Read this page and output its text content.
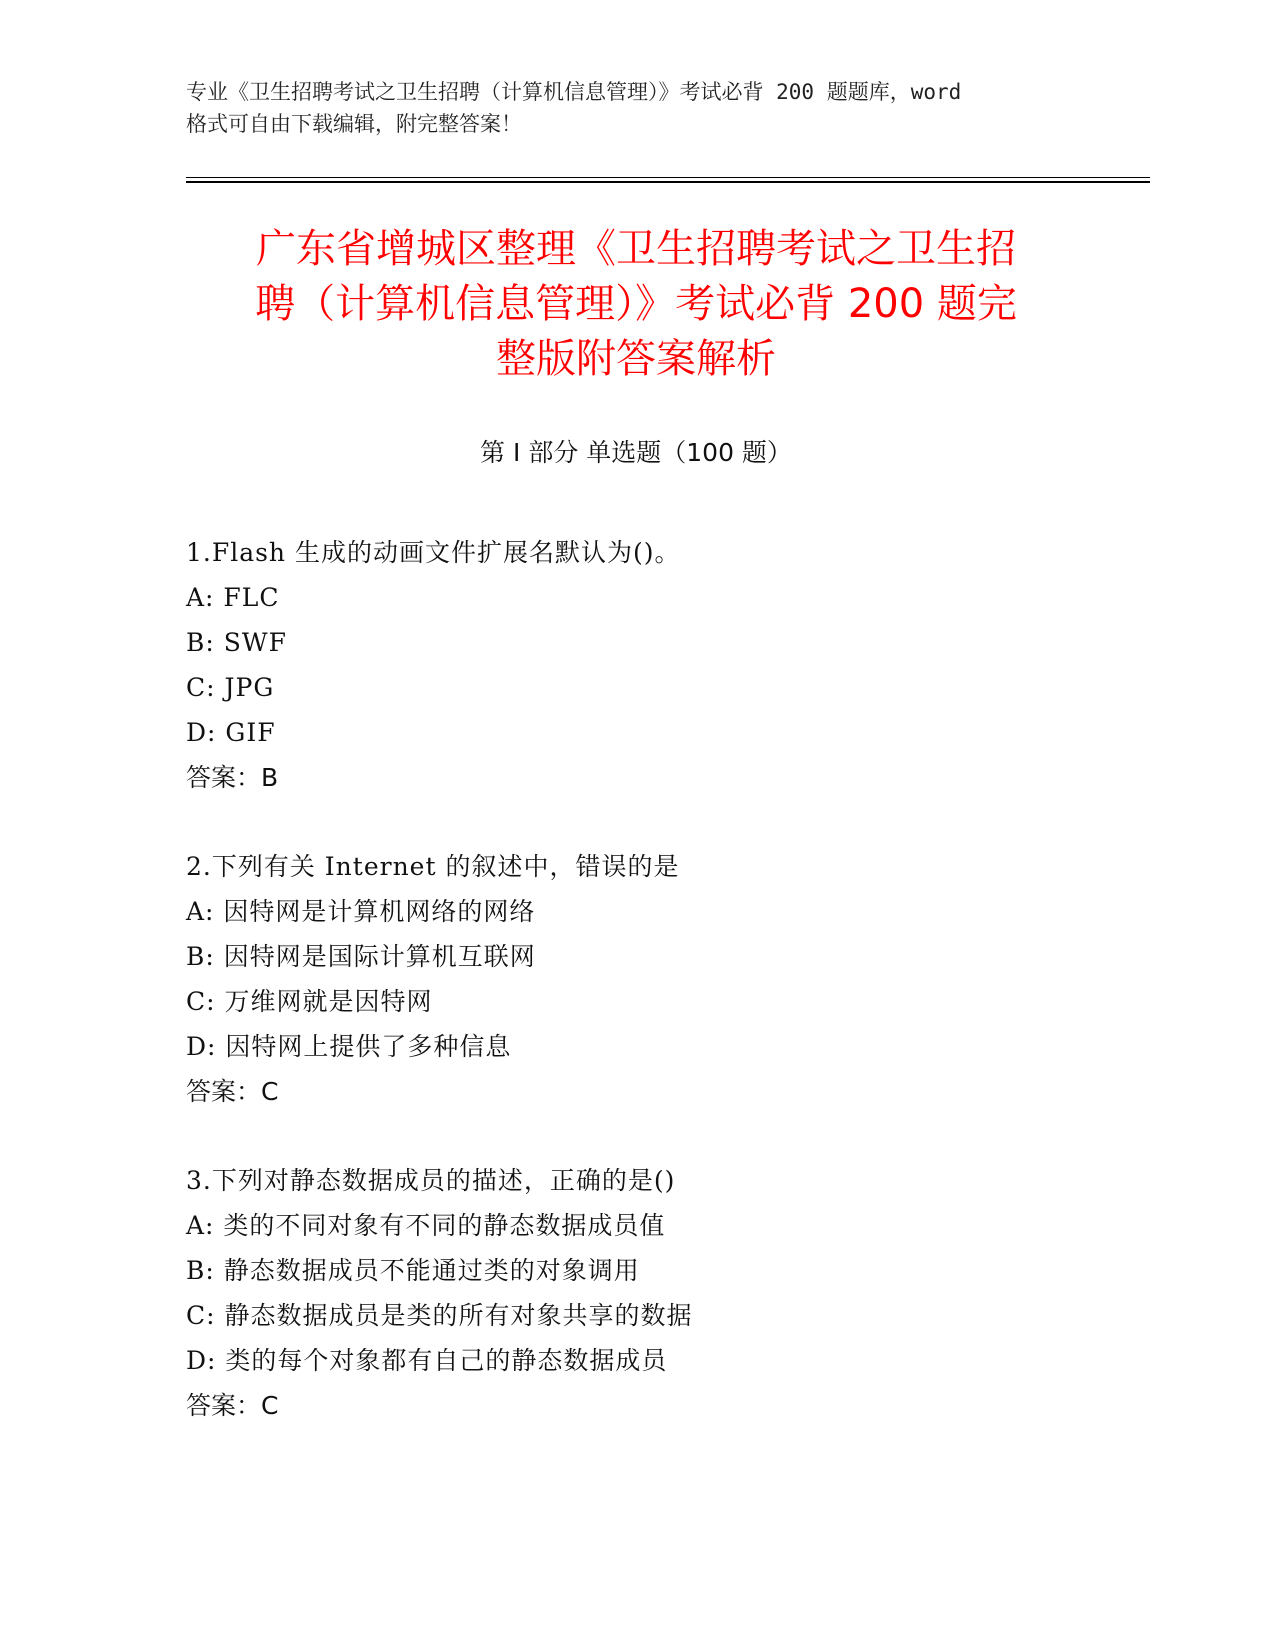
专业《卫生招聘考试之卫生招聘（计算机信息管理）》考试必背 200 题题库，word
格式可自由下载编辑，附完整答案！
广东省增城区整理《卫生招聘考试之卫生招
聘（计算机信息管理）》考试必背 200 题完
整版附答案解析
第 I 部分 单选题（100 题）
1.Flash 生成的动画文件扩展名默认为()。
A: FLC
B: SWF
C: JPG
D: GIF
答案：B
2.下列有关 Internet 的叙述中，错误的是
A: 因特网是计算机网络的网络
B: 因特网是国际计算机互联网
C: 万维网就是因特网
D: 因特网上提供了多种信息
答案：C
3.下列对静态数据成员的描述，正确的是()
A: 类的不同对象有不同的静态数据成员值
B: 静态数据成员不能通过类的对象调用
C: 静态数据成员是类的所有对象共享的数据
D: 类的每个对象都有自己的静态数据成员
答案：C
